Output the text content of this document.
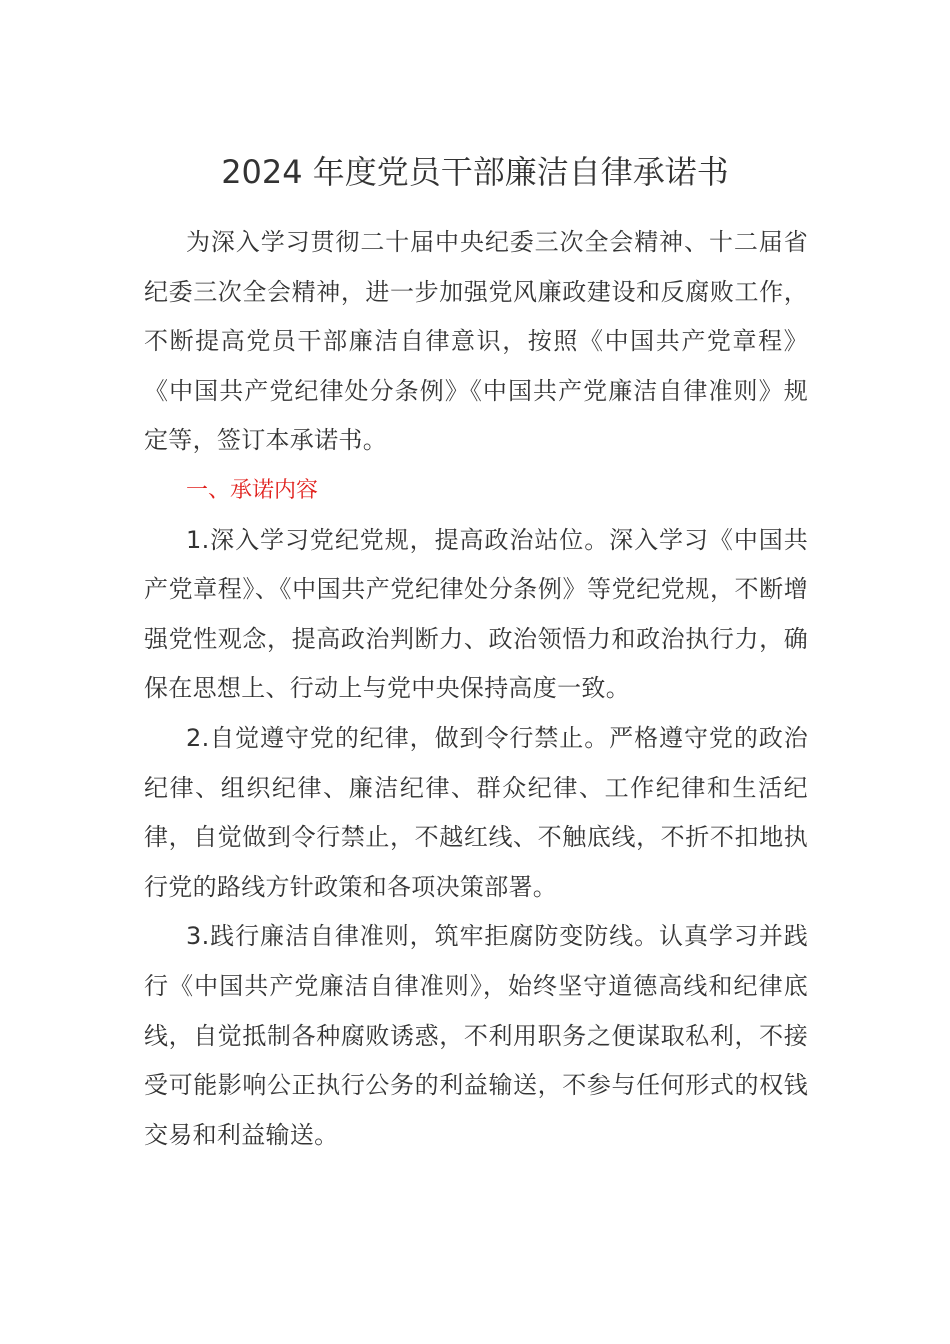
2024 年度党员干部廉洁自律承诺书

为深入学习贯彻二十届中央纪委三次全会精神、十二届省纪委三次全会精神，进一步加强党风廉政建设和反腐败工作，不断提高党员干部廉洁自律意识，按照《中国共产党章程》《中国共产党纪律处分条例》《中国共产党廉洁自律准则》规定等，签订本承诺书。

一、承诺内容

1.深入学习党纪党规，提高政治站位。深入学习《中国共产党章程》、《中国共产党纪律处分条例》等党纪党规，不断增强党性观念，提高政治判断力、政治领悟力和政治执行力，确保在思想上、行动上与党中央保持高度一致。

2.自觉遵守党的纪律，做到令行禁止。严格遵守党的政治纪律、组织纪律、廉洁纪律、群众纪律、工作纪律和生活纪律，自觉做到令行禁止，不越红线、不触底线，不折不扣地执行党的路线方针政策和各项决策部署。

3.践行廉洁自律准则，筑牢拒腐防变防线。认真学习并践行《中国共产党廉洁自律准则》，始终坚守道德高线和纪律底线，自觉抵制各种腐败诱惑，不利用职务之便谋取私利，不接受可能影响公正执行公务的利益输送，不参与任何形式的权钱交易和利益输送。
